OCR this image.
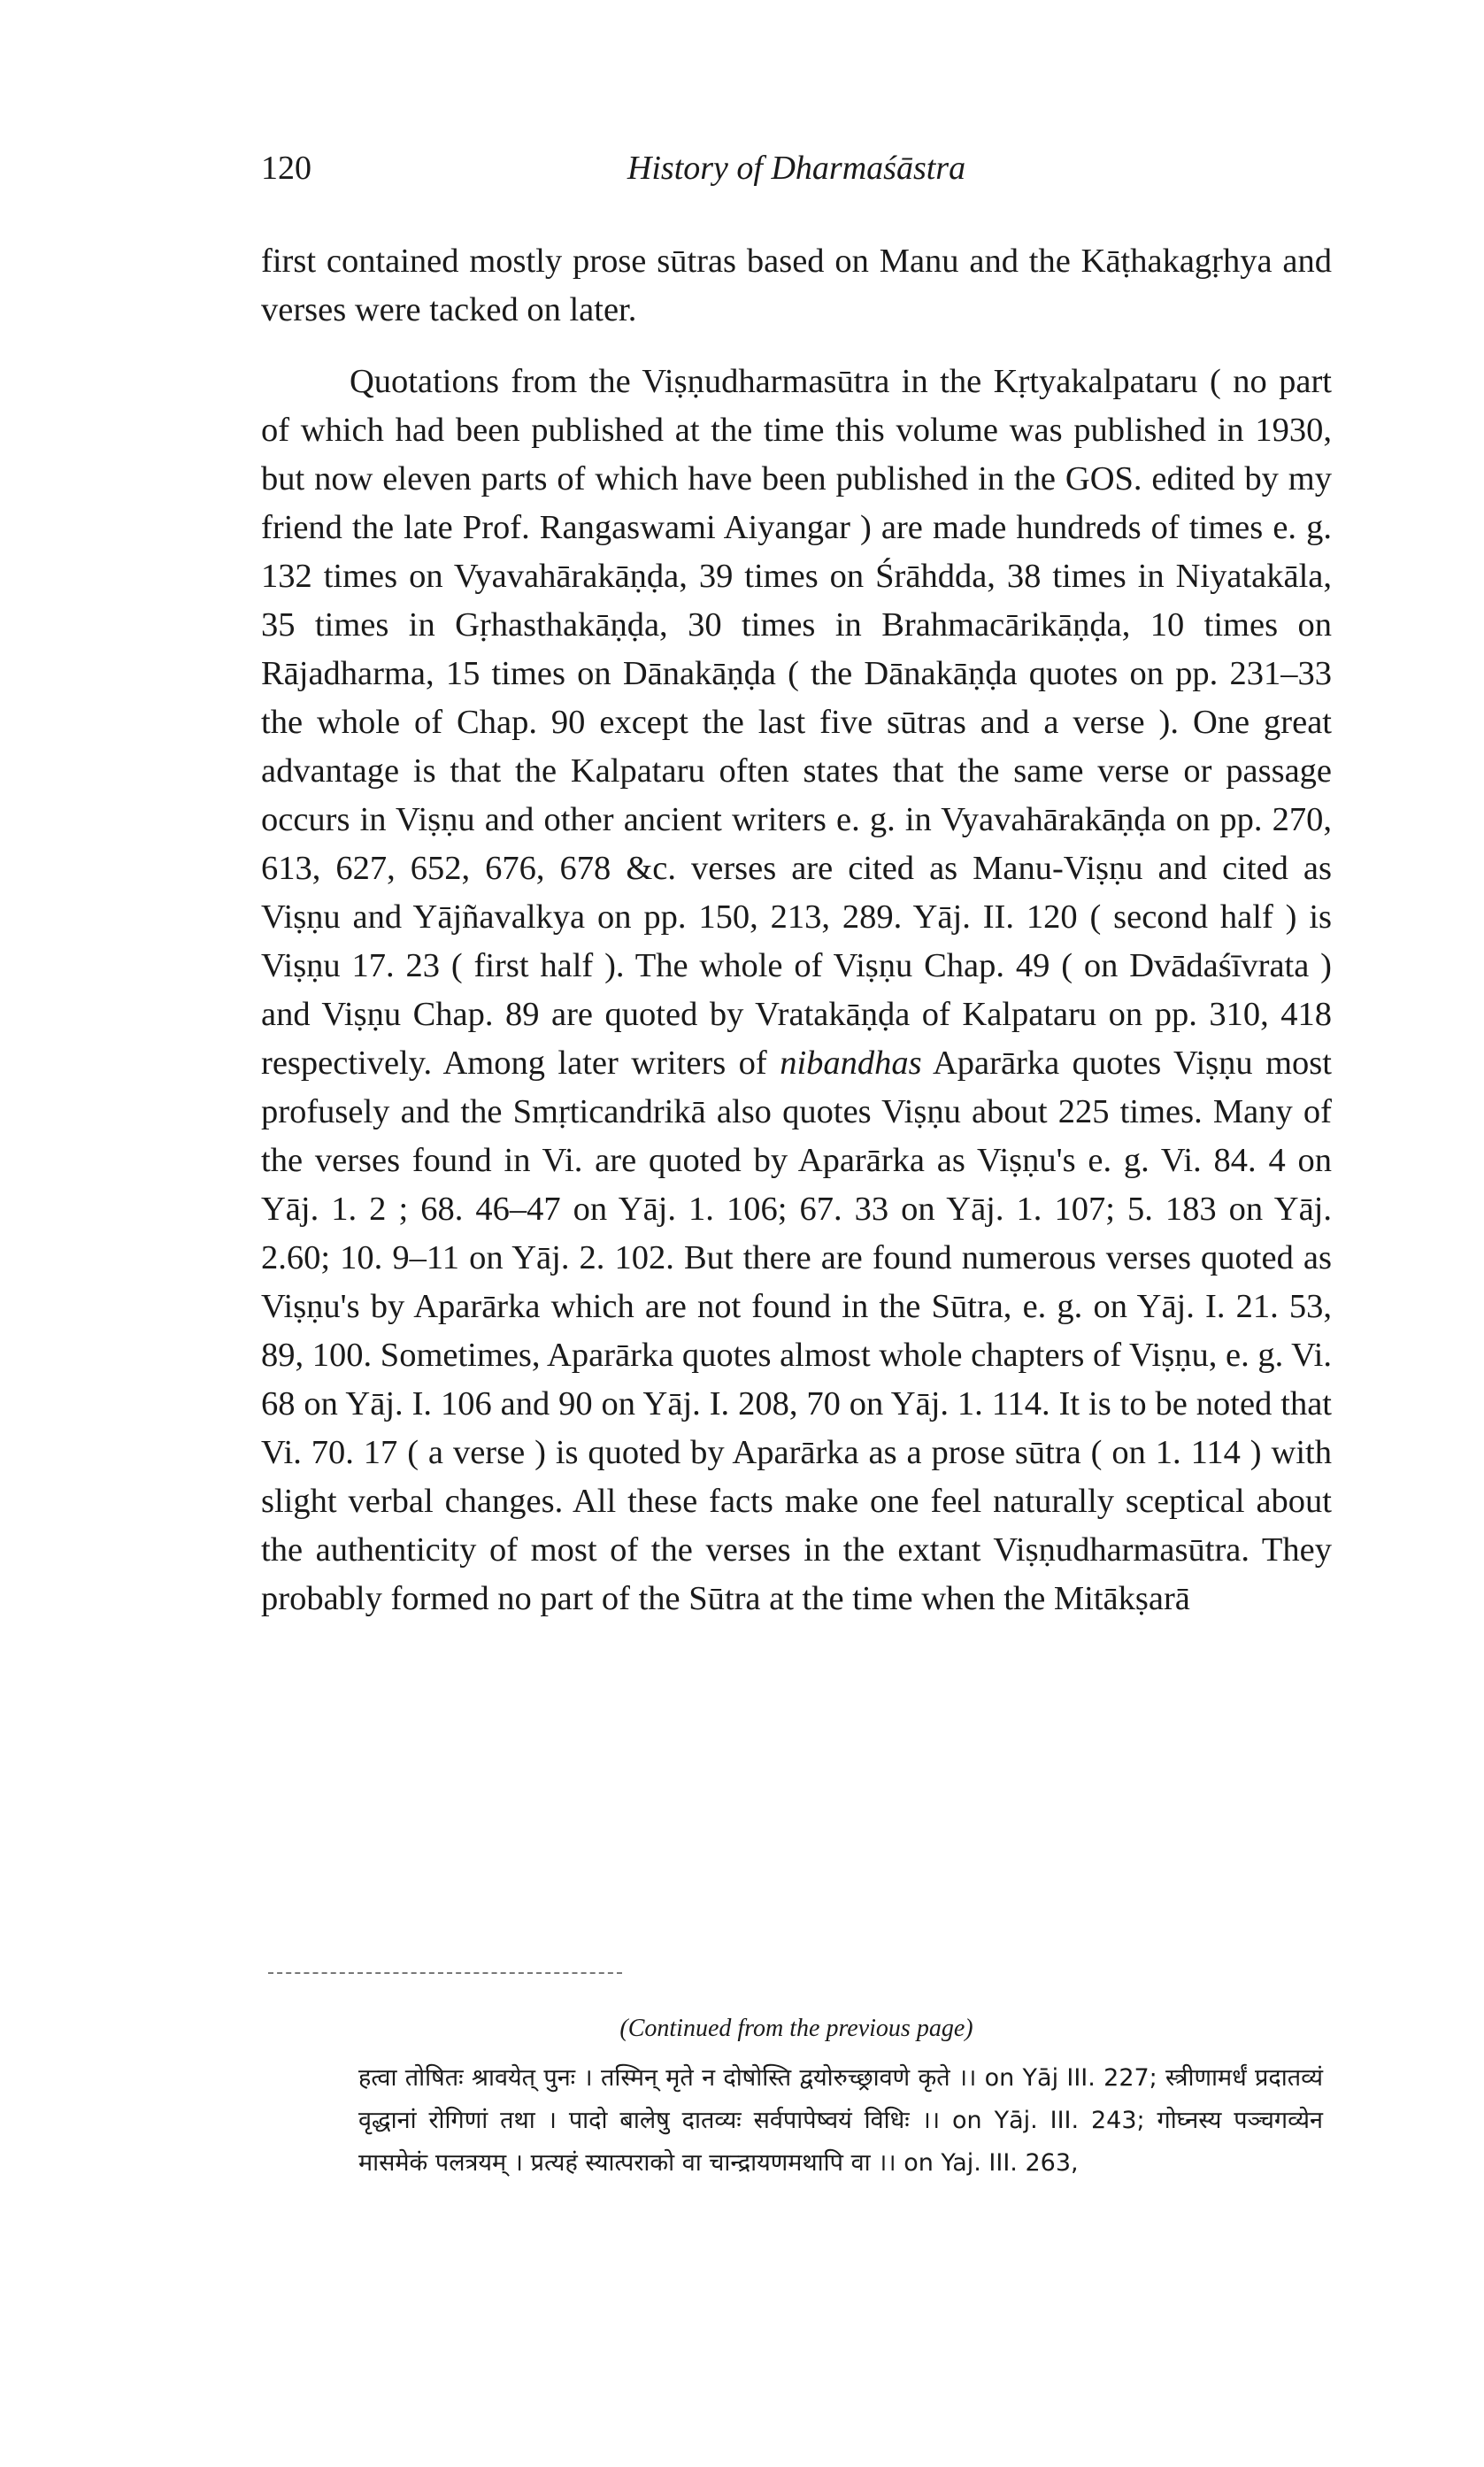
120	History of Dharmaśāstra

first contained mostly prose sūtras based on Manu and the Kāṭhakagṛhya and verses were tacked on later.

Quotations from the Viṣṇudharmasūtra in the Kṛtyakalpataru ( no part of which had been published at the time this volume was published in 1930, but now eleven parts of which have been published in the GOS. edited by my friend the late Prof. Rangaswami Aiyangar ) are made hundreds of times e. g. 132 times on Vyavahārakāṇḍa, 39 times on Śrāhdda, 38 times in Niyatakāla, 35 times in Gṛhasthakāṇḍa, 30 times in Brahmacārikāṇḍa, 10 times on Rājadharma, 15 times on Dānakāṇḍa ( the Dānakāṇḍa quotes on pp. 231–33 the whole of Chap. 90 except the last five sūtras and a verse ). One great advantage is that the Kalpataru often states that the same verse or passage occurs in Viṣṇu and other ancient writers e. g. in Vyavahārakāṇḍa on pp. 270, 613, 627, 652, 676, 678 &c. verses are cited as Manu-Viṣṇu and cited as Viṣṇu and Yājñavalkya on pp. 150, 213, 289. Yāj. II. 120 ( second half ) is Viṣṇu 17. 23 ( first half ). The whole of Viṣṇu Chap. 49 ( on Dvādaśīvrata ) and Viṣṇu Chap. 89 are quoted by Vratakāṇḍa of Kalpataru on pp. 310, 418 respectively. Among later writers of nibandhas Aparārka quotes Viṣṇu most profusely and the Smṛticandrikā also quotes Viṣṇu about 225 times. Many of the verses found in Vi. are quoted by Aparārka as Viṣṇu's e. g. Vi. 84. 4 on Yāj. 1. 2 ; 68. 46–47 on Yāj. 1. 106; 67. 33 on Yāj. 1. 107; 5. 183 on Yāj. 2.60; 10. 9–11 on Yāj. 2. 102. But there are found numerous verses quoted as Viṣṇu's by Aparārka which are not found in the Sūtra, e. g. on Yāj. I. 21. 53, 89, 100. Sometimes, Aparārka quotes almost whole chapters of Viṣṇu, e. g. Vi. 68 on Yāj. I. 106 and 90 on Yāj. I. 208, 70 on Yāj. 1. 114. It is to be noted that Vi. 70. 17 ( a verse ) is quoted by Aparārka as a prose sūtra ( on 1. 114 ) with slight verbal changes. All these facts make one feel naturally sceptical about the authenticity of most of the verses in the extant Viṣṇudharmasūtra. They probably formed no part of the Sūtra at the time when the Mitākṣarā

(Continued from the previous page)
हत्वा तोषितः श्रावयेत् पुनः । तस्मिन् मृते न दोषोस्ति द्वयोरुच्छ्रावणे कृते ।। on Yāj III. 227; स्त्रीणामर्धं प्रदातव्यं वृद्धानां रोगिणां तथा । पादो बालेषु दातव्यः सर्वपापेष्वयं विधिः ।। on Yāj. III. 243; गोघ्नस्य पञ्चगव्येन मासमेकं पलत्रयम् । प्रत्यहं स्यात्पराको वा चान्द्रायणमथापि वा ।। on Yaj. III. 263,
